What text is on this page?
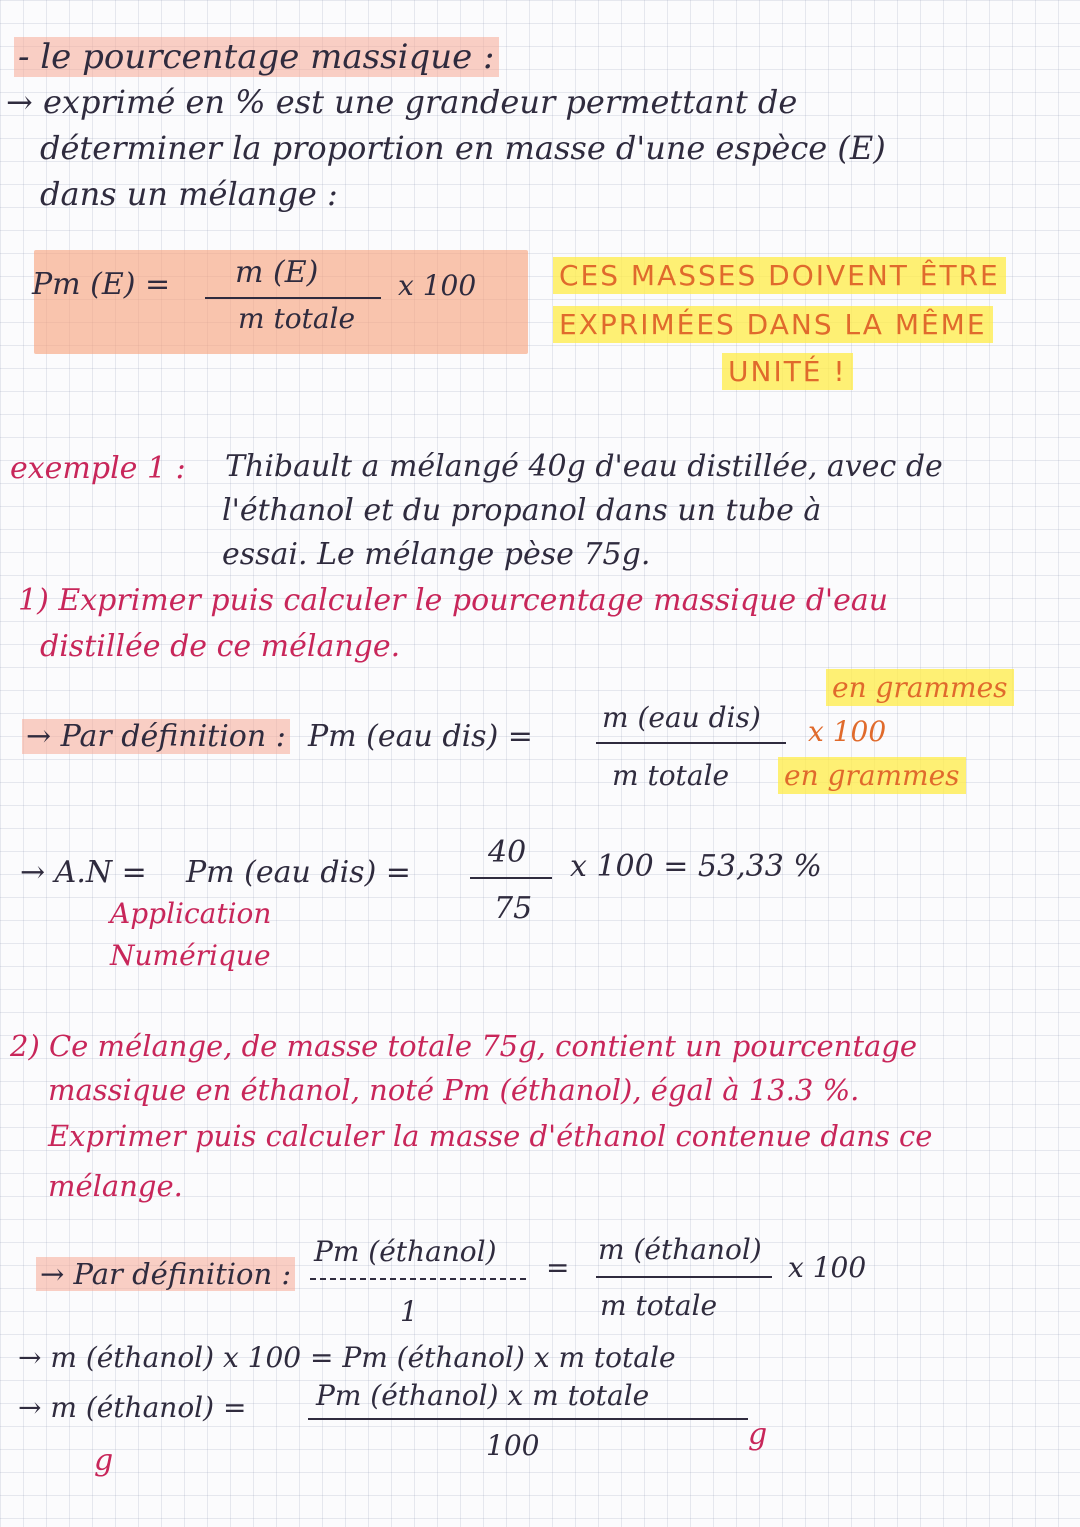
- le pourcentage massique :
→ exprimé en % est une grandeur permettant de
déterminer la proportion en masse d'une espèce (E)
dans un mélange :
Pm (E) = m (E)
m totale
x 100	CES MASSES DOIVENT ÊTRE
EXPRIMÉES DANS LA MÊME
UNITÉ !
exemple 1 : Thibault a mélangé 40g d'eau distillée, avec de
l'éthanol et du propanol dans un tube à
essai. Le mélange pèse 75g.
1) Exprimer puis calculer le pourcentage massique d'eau
distillée de ce mélange.
→ Par définition : Pm (eau dis) =
m (eau dis)
m totale
x 100
en grammes
en grammes
→ A.N = Pm (eau dis) =
40
75
x 100 = 53,33 %
Application
Numérique
2) Ce mélange, de masse totale 75g, contient un pourcentage
massique en éthanol, noté Pm (éthanol), égal à 13.3 %.
Exprimer puis calculer la masse d'éthanol contenue dans ce
mélange.
→ Par définition :
Pm (éthanol)
1
=
m (éthanol)
m totale
x 100
→ m (éthanol) x 100 = Pm (éthanol) x m totale
→ m (éthanol) = Pm (éthanol) x m totale
100
g
g
